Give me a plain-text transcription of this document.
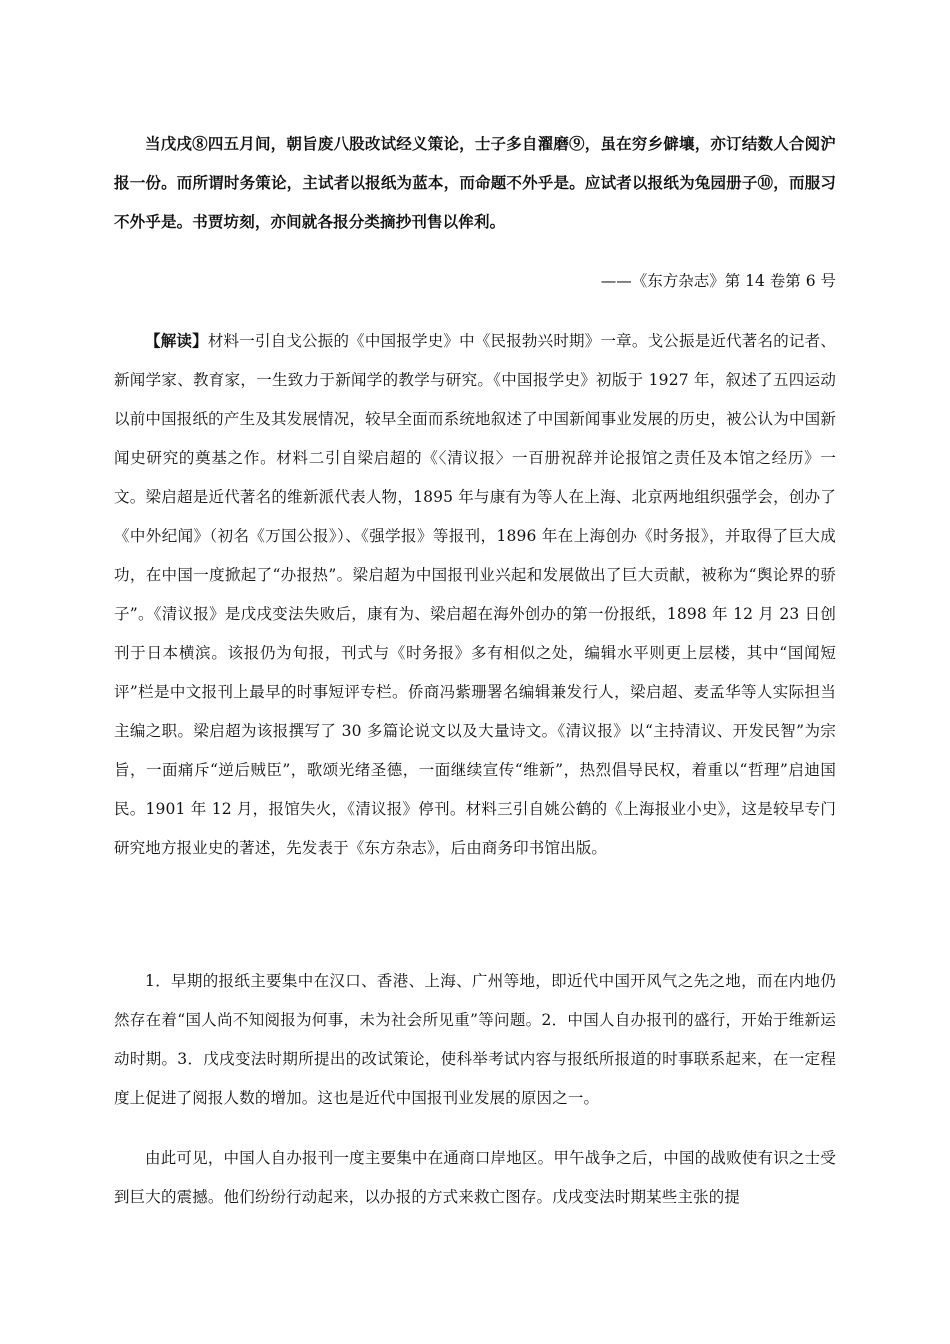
当戊戌⑧四五月间，朝旨废八股改试经义策论，士子多自濯磨⑨，虽在穷乡僻壤，亦订结数人合阅沪报一份。而所谓时务策论，主试者以报纸为蓝本，而命题不外乎是。应试者以报纸为兔园册子⑩，而服习不外乎是。书贾坊刻，亦间就各报分类摘抄刊售以侔利。

——《东方杂志》第 14 卷第 6 号

【解读】材料一引自戈公振的《中国报学史》中《民报勃兴时期》一章。戈公振是近代著名的记者、新闻学家、教育家，一生致力于新闻学的教学与研究。《中国报学史》初版于 1927 年，叙述了五四运动以前中国报纸的产生及其发展情况，较早全面而系统地叙述了中国新闻事业发展的历史，被公认为中国新闻史研究的奠基之作。材料二引自梁启超的《〈清议报〉一百册祝辞并论报馆之责任及本馆之经历》一文。梁启超是近代著名的维新派代表人物，1895 年与康有为等人在上海、北京两地组织强学会，创办了《中外纪闻》（初名《万国公报》）、《强学报》等报刊，1896 年在上海创办《时务报》，并取得了巨大成功，在中国一度掀起了“办报热”。梁启超为中国报刊业兴起和发展做出了巨大贡献，被称为“舆论界的骄子”。《清议报》是戊戌变法失败后，康有为、梁启超在海外创办的第一份报纸，1898 年 12 月 23 日创刊于日本横滨。该报仍为旬报，刊式与《时务报》多有相似之处，编辑水平则更上层楼，其中“国闻短评”栏是中文报刊上最早的时事短评专栏。侨商冯紫珊署名编辑兼发行人，梁启超、麦孟华等人实际担当主编之职。梁启超为该报撰写了 30 多篇论说文以及大量诗文。《清议报》以“主持清议、开发民智”为宗旨，一面痛斥“逆后贼臣”，歌颂光绪圣德，一面继续宣传“维新”，热烈倡导民权，着重以“哲理”启迪国民。1901 年 12 月，报馆失火，《清议报》停刊。材料三引自姚公鹤的《上海报业小史》，这是较早专门研究地方报业史的著述，先发表于《东方杂志》，后由商务印书馆出版。

1．早期的报纸主要集中在汉口、香港、上海、广州等地，即近代中国开风气之先之地，而在内地仍然存在着“国人尚不知阅报为何事，未为社会所见重”等问题。2．中国人自办报刊的盛行，开始于维新运动时期。3．戊戌变法时期所提出的改试策论，使科举考试内容与报纸所报道的时事联系起来，在一定程度上促进了阅报人数的增加。这也是近代中国报刊业发展的原因之一。

由此可见，中国人自办报刊一度主要集中在通商口岸地区。甲午战争之后，中国的战败使有识之士受到巨大的震撼。他们纷纷行动起来，以办报的方式来救亡图存。戊戌变法时期某些主张的提
